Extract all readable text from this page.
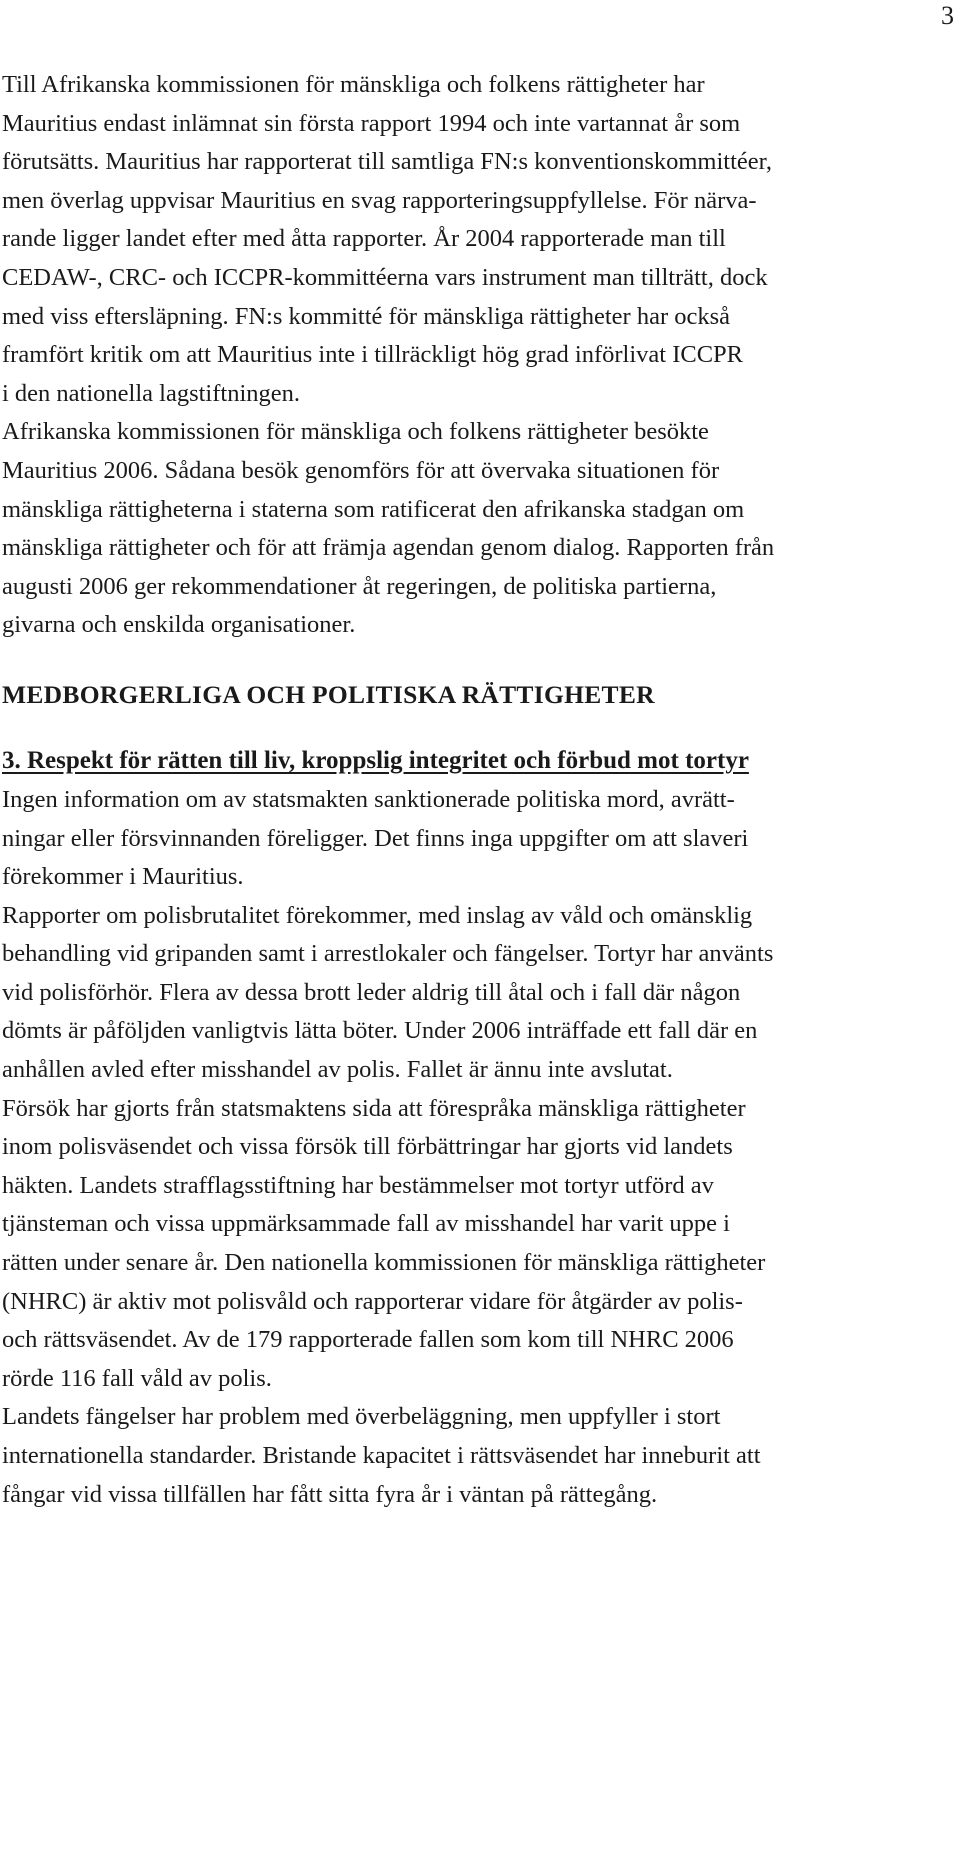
3

Till Afrikanska kommissionen för mänskliga och folkens rättigheter har
Mauritius endast inlämnat sin första rapport 1994 och inte vartannat år som
förutsätts. Mauritius har rapporterat till samtliga FN:s konventionskommittéer,
men överlag uppvisar Mauritius en svag rapporteringsuppfyllelse. För närva-
rande ligger landet efter med åtta rapporter. År 2004 rapporterade man till
CEDAW-, CRC- och ICCPR-kommittéerna vars instrument man tillträtt, dock
med viss eftersläpning. FN:s kommitté för mänskliga rättigheter har också
framfört kritik om att Mauritius inte i tillräckligt hög grad införlivat ICCPR
i den nationella lagstiftningen.

Afrikanska kommissionen för mänskliga och folkens rättigheter besökte
Mauritius 2006. Sådana besök genomförs för att övervaka situationen för
mänskliga rättigheterna i staterna som ratificerat den afrikanska stadgan om
mänskliga rättigheter och för att främja agendan genom dialog. Rapporten från
augusti 2006 ger rekommendationer åt regeringen, de politiska partierna,
givarna och enskilda organisationer.

MEDBORGERLIGA OCH POLITISKA RÄTTIGHETER
3. Respekt för rätten till liv, kroppslig integritet och förbud mot tortyr

Ingen information om av statsmakten sanktionerade politiska mord, avrätt-
ningar eller försvinnanden föreligger. Det finns inga uppgifter om att slaveri
förekommer i Mauritius.

Rapporter om polisbrutalitet förekommer, med inslag av våld och omänsklig
behandling vid gripanden samt i arrestlokaler och fängelser. Tortyr har använts
vid polisförhör. Flera av dessa brott leder aldrig till åtal och i fall där någon
dömts är påföljden vanligtvis lätta böter. Under 2006 inträffade ett fall där en
anhållen avled efter misshandel av polis. Fallet är ännu inte avslutat.

Försök har gjorts från statsmaktens sida att förespråka mänskliga rättigheter
inom polisväsendet och vissa försök till förbättringar har gjorts vid landets
häkten. Landets strafflagsstiftning har bestämmelser mot tortyr utförd av
tjänsteman och vissa uppmärksammade fall av misshandel har varit uppe i
rätten under senare år. Den nationella kommissionen för mänskliga rättigheter
(NHRC) är aktiv mot polisvåld och rapporterar vidare för åtgärder av polis-
och rättsväsendet. Av de 179 rapporterade fallen som kom till NHRC 2006
rörde 116 fall våld av polis.

Landets fängelser har problem med överbeläggning, men uppfyller i stort
internationella standarder. Bristande kapacitet i rättsväsendet har inneburit att
fångar vid vissa tillfällen har fått sitta fyra år i väntan på rättegång.
